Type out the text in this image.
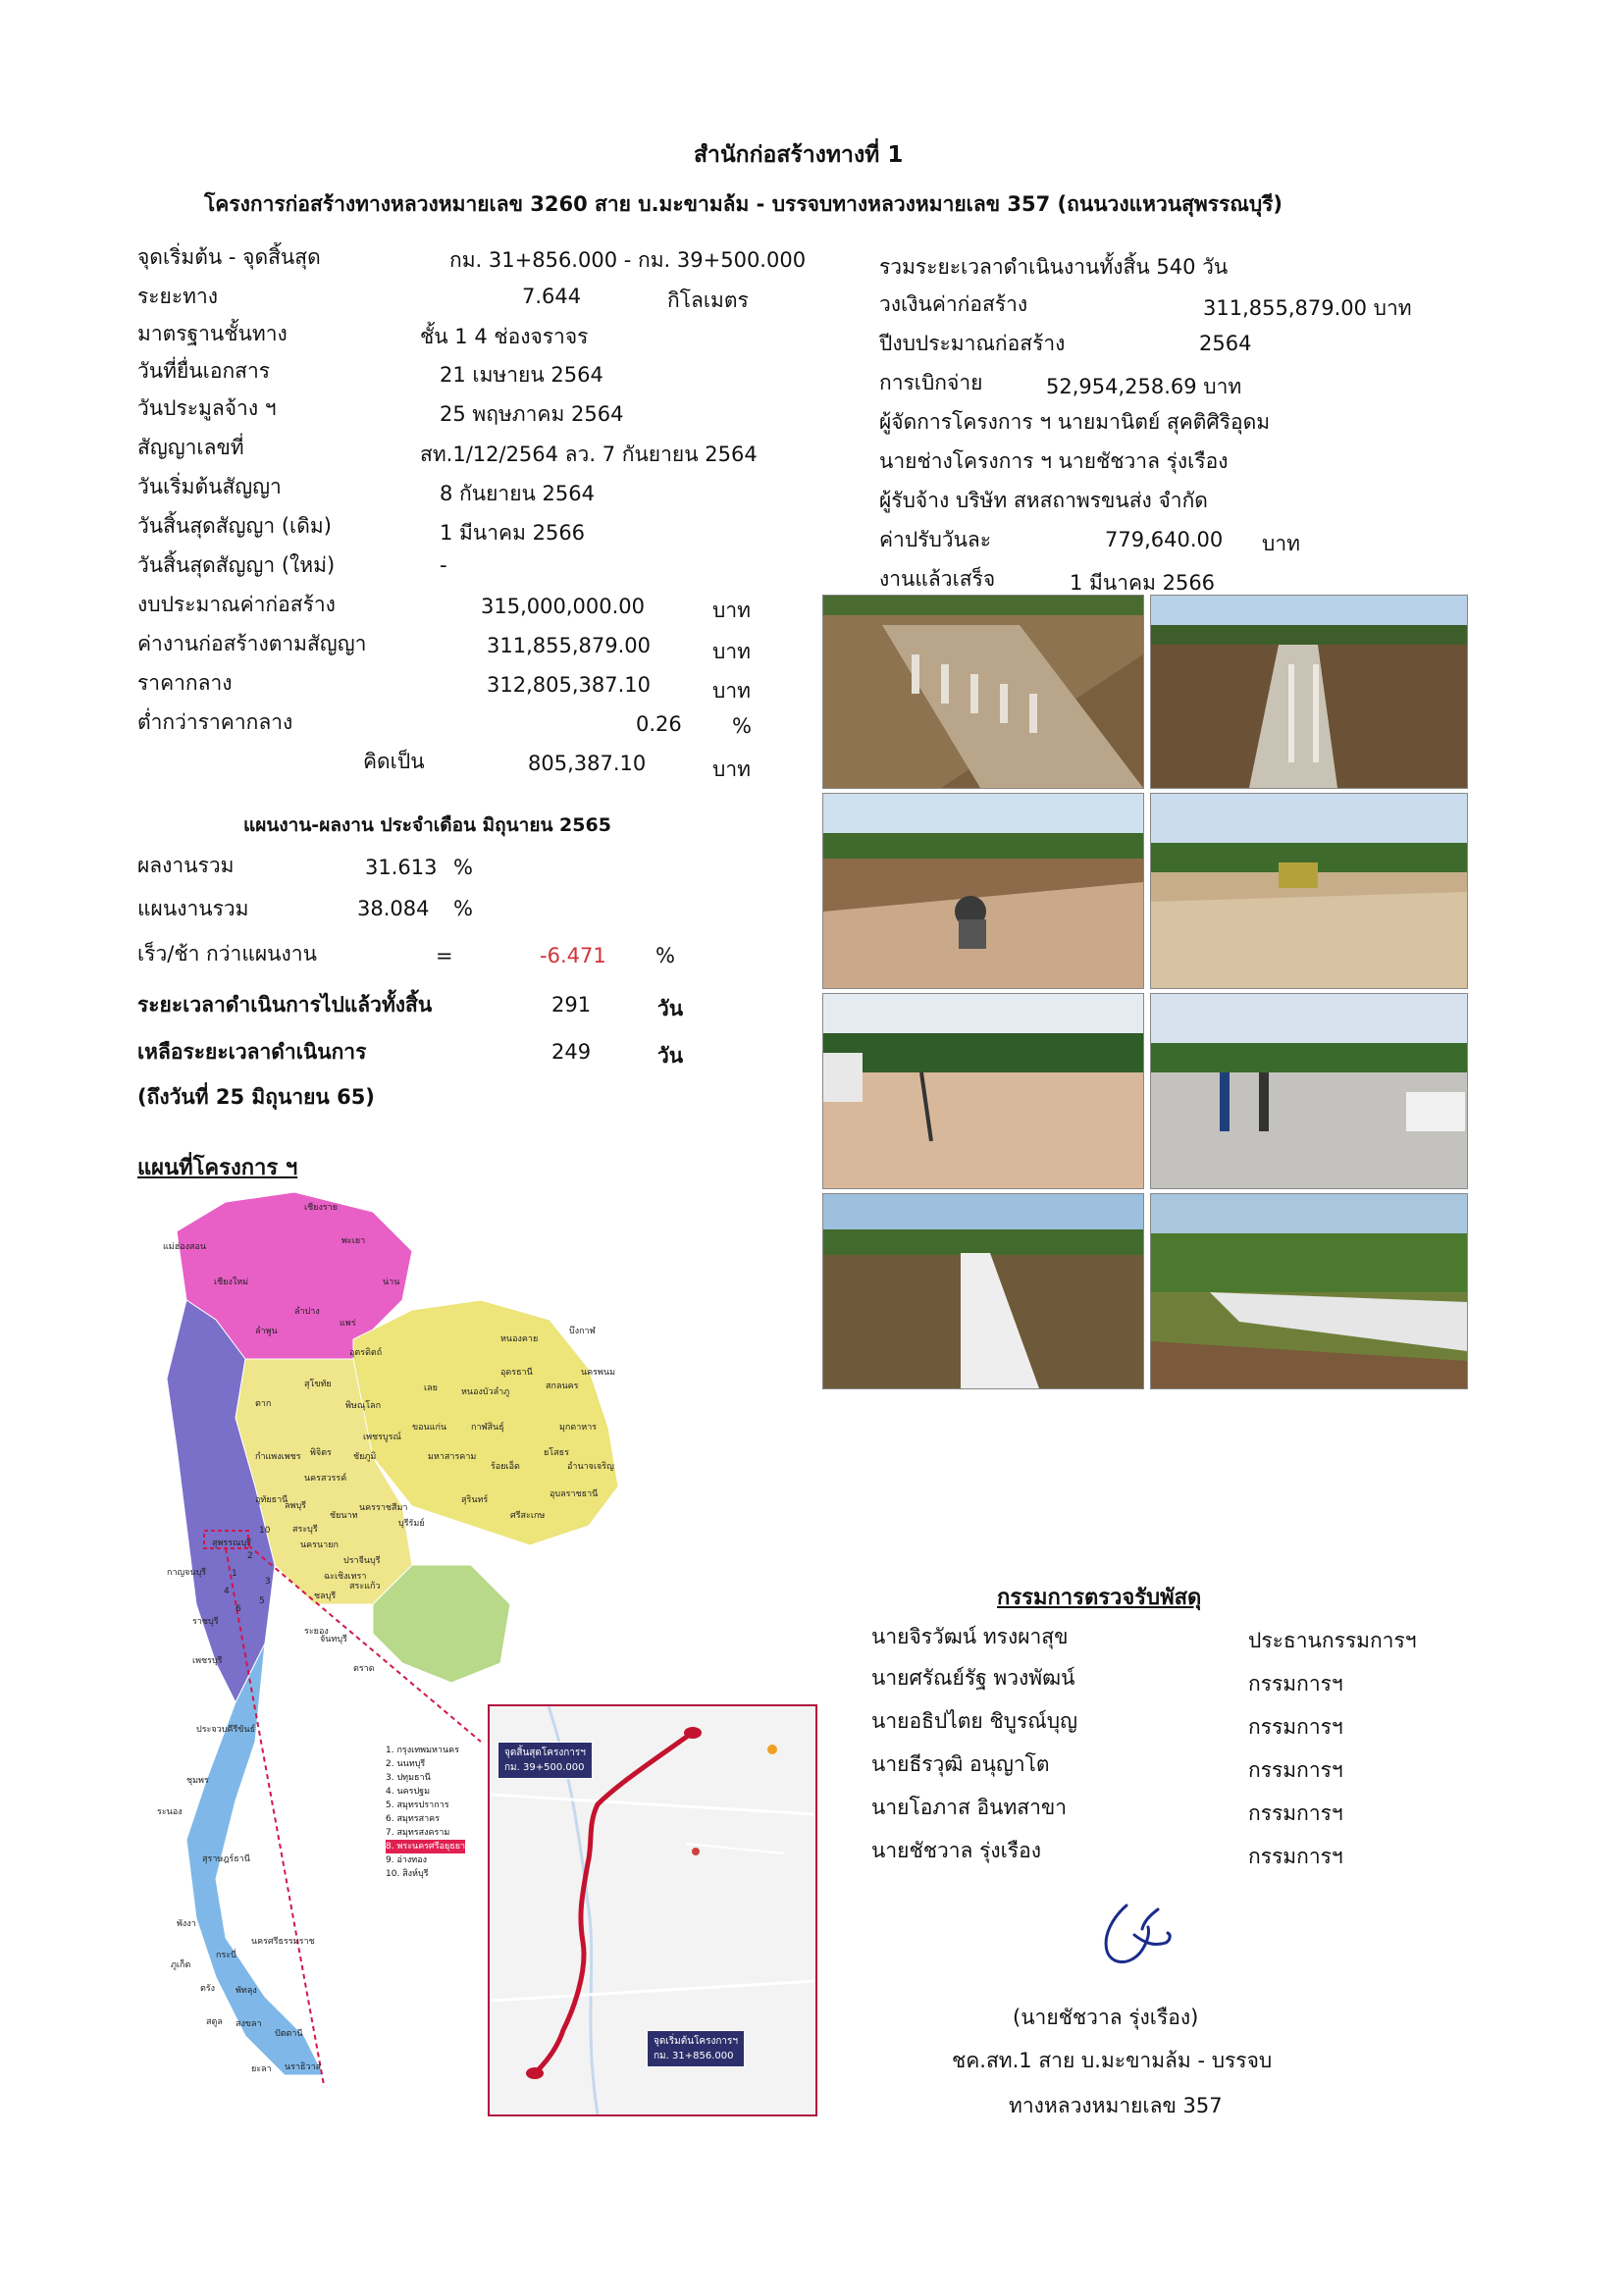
สำนักก่อสร้างทางที่ 1
โครงการก่อสร้างทางหลวงหมายเลข 3260 สาย บ.มะขามล้ม - บรรจบทางหลวงหมายเลข 357 (ถนนวงแหวนสุพรรณบุรี)
จุดเริ่มต้น - จุดสิ้นสุด	กม. 31+856.000 - กม. 39+500.000
ระยะทาง	7.644	กิโลเมตร
มาตรฐานชั้นทาง	ชั้น 1 4 ช่องจราจร
วันที่ยื่นเอกสาร	21 เมษายน 2564
วันประมูลจ้าง ฯ	25 พฤษภาคม 2564
สัญญาเลขที่	สท.1/12/2564 ลว. 7 กันยายน 2564
วันเริ่มต้นสัญญา	8 กันยายน 2564
วันสิ้นสุดสัญญา (เดิม)	1 มีนาคม 2566
วันสิ้นสุดสัญญา (ใหม่)	-
งบประมาณค่าก่อสร้าง	315,000,000.00	บาท
ค่างานก่อสร้างตามสัญญา	311,855,879.00	บาท
ราคากลาง	312,805,387.10	บาท
ต่ำกว่าราคากลาง	0.26 %
คิดเป็น	805,387.10	บาท
รวมระยะเวลาดำเนินงานทั้งสิ้น 540 วัน
วงเงินค่าก่อสร้าง	311,855,879.00 บาท
ปีงบประมาณก่อสร้าง	2564
การเบิกจ่าย	52,954,258.69 บาท
ผู้จัดการโครงการ ฯ นายมานิตย์ สุคติศิริอุดม
นายช่างโครงการ ฯ นายชัชวาล รุ่งเรือง
ผู้รับจ้าง บริษัท สหสถาพรขนส่ง จำกัด
ค่าปรับวันละ	779,640.00 บาท
งานแล้วเสร็จ	1 มีนาคม 2566
แผนงาน-ผลงาน ประจำเดือน มิถุนายน 2565
ผลงานรวม	31.613 %
แผนงานรวม	38.084 %
เร็ว/ช้า กว่าแผนงาน	=	-6.471 %
ระยะเวลาดำเนินการไปแล้วทั้งสิ้น	291	วัน
เหลือระยะเวลาดำเนินการ	249	วัน
(ถึงวันที่ 25 มิถุนายน 65)
แผนที่โครงการ ฯ
เชียงราย
แม่ฮ่องสอน
พะเยา
เชียงใหม่	น่าน
ลำปาง
แพร่
ลำพูน
อุตรดิตถ์
ตาก
สุโขทัย
พิษณุโลก
เลย	หนองบัวลำภู
อุดรธานี
หนองคาย
สกลนคร
นครพนม
บึงกาฬ
กาญจนบุรี
ราชบุรี
เพชรบุรี
ประจวบคีรีขันธ์
ชุมพร
ระนอง
สุราษฎร์ธานี
พังงา
ภูเก็ต
กระบี่
นครศรีธรรมราช
ตรัง พัทลุง
สตูล สงขลา
ปัตตานี
ยะลา นราธิวาส
ระยอง
ชลบุรี
จันทบุรี
ตราด
สระแก้ว
นครนายก
ปราจีนบุรี
ฉะเชิงเทรา
สระบุรี
ลพบุรี	นครราชสีมา
บุรีรัมย์
สุรินทร์
ศรีสะเกษ
อุบลราชธานี
ชัยภูมิ
ขอนแก่น	กาฬสินธุ์	มุกดาหาร
ร้อยเอ็ด
มหาสารคาม	ยโสธร
อำนาจเจริญ
เพชรบูรณ์
นครสวรรค์
อุทัยธานี
ชัยนาท
สุพรรณบุรี
พิจิตร
กำแพงเพชร
1
2
3
4
5
6
10
1. กรุงเทพมหานคร
2. นนทบุรี
3. ปทุมธานี
4. นครปฐม
5. สมุทรปราการ
6. สมุทรสาคร
7. สมุทรสงคราม
8. พระนครศรีอยุธยา
9. อ่างทอง
10. สิงห์บุรี
จุดสิ้นสุดโครงการฯ
กม. 39+500.000
จุดเริ่มต้นโครงการฯ
กม. 31+856.000
กรรมการตรวจรับพัสดุ
นายจิรวัฒน์ ทรงผาสุข	ประธานกรรมการฯ
นายศรัณย์รัฐ พวงพัฒน์	กรรมการฯ
นายอธิปไตย ชิบูรณ์บุญ	กรรมการฯ
นายธีรวุฒิ อนุญาโต	กรรมการฯ
นายโอภาส อินทสาขา	กรรมการฯ
นายชัชวาล รุ่งเรือง	กรรมการฯ
(นายชัชวาล รุ่งเรือง)
ชค.สท.1 สาย บ.มะขามล้ม - บรรจบ
ทางหลวงหมายเลข 357
